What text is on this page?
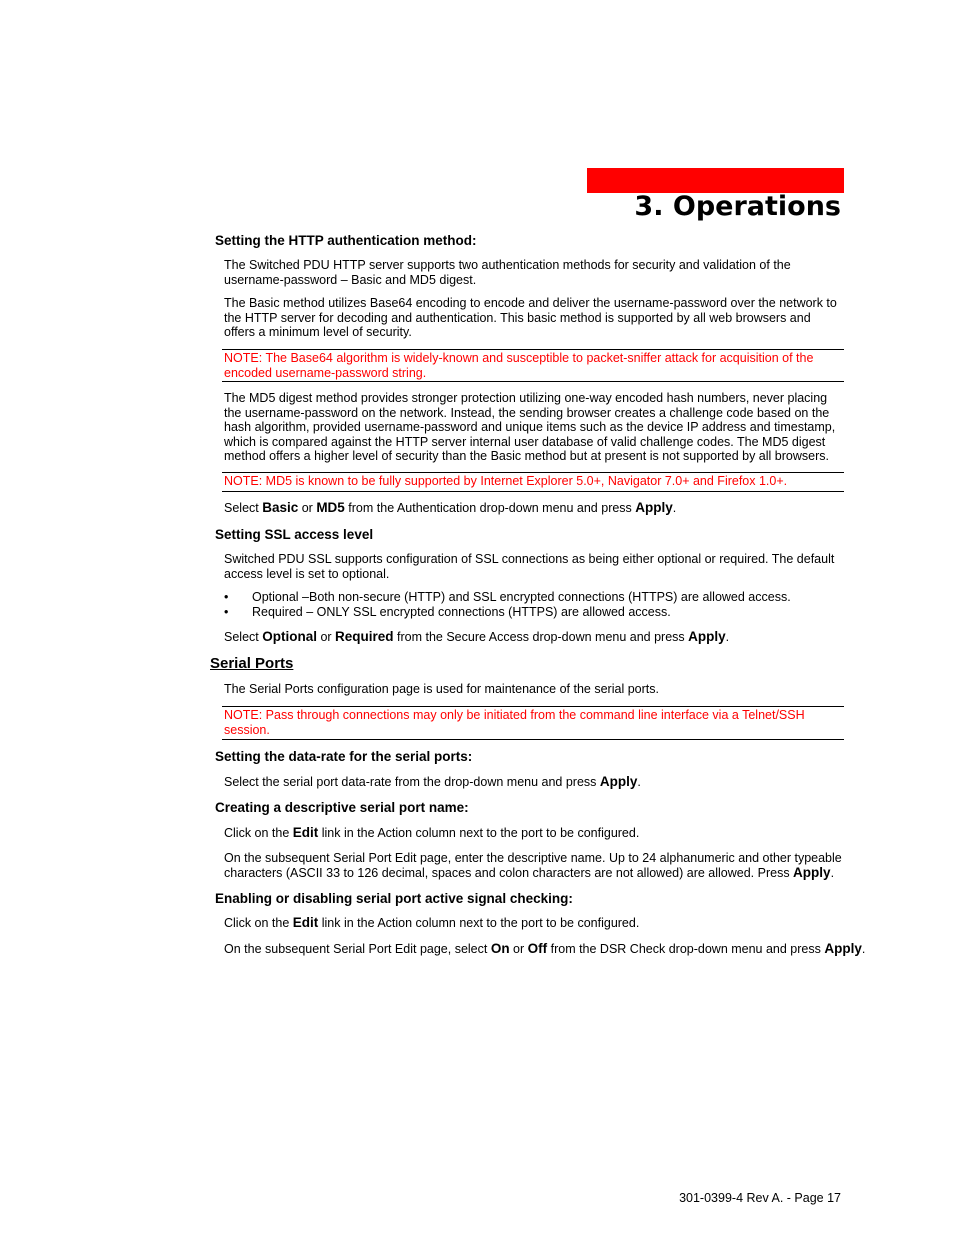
3. Operations
Setting the HTTP authentication method:
The Switched PDU HTTP server supports two authentication methods for security and validation of the username-password – Basic and MD5 digest.
The Basic method utilizes Base64 encoding to encode and deliver the username-password over the network to the HTTP server for decoding and authentication. This basic method is supported by all web browsers and offers a minimum level of security.
NOTE: The Base64 algorithm is widely-known and susceptible to packet-sniffer attack for acquisition of the encoded username-password string.
The MD5 digest method provides stronger protection utilizing one-way encoded hash numbers, never placing the username-password on the network. Instead, the sending browser creates a challenge code based on the hash algorithm, provided username-password and unique items such as the device IP address and timestamp, which is compared against the HTTP server internal user database of valid challenge codes. The MD5 digest method offers a higher level of security than the Basic method but at present is not supported by all browsers.
NOTE: MD5 is known to be fully supported by Internet Explorer 5.0+, Navigator 7.0+ and Firefox 1.0+.
Select Basic or MD5 from the Authentication drop-down menu and press Apply.
Setting SSL access level
Switched PDU SSL supports configuration of SSL connections as being either optional or required. The default access level is set to optional.
• Optional –Both non-secure (HTTP) and SSL encrypted connections (HTTPS) are allowed access.
• Required – ONLY SSL encrypted connections (HTTPS) are allowed access.
Select Optional or Required from the Secure Access drop-down menu and press Apply.
Serial Ports
The Serial Ports configuration page is used for maintenance of the serial ports.
NOTE: Pass through connections may only be initiated from the command line interface via a Telnet/SSH session.
Setting the data-rate for the serial ports:
Select the serial port data-rate from the drop-down menu and press Apply.
Creating a descriptive serial port name:
Click on the Edit link in the Action column next to the port to be configured.
On the subsequent Serial Port Edit page, enter the descriptive name. Up to 24 alphanumeric and other typeable characters (ASCII 33 to 126 decimal, spaces and colon characters are not allowed) are allowed. Press Apply.
Enabling or disabling serial port active signal checking:
Click on the Edit link in the Action column next to the port to be configured.
On the subsequent Serial Port Edit page, select On or Off from the DSR Check drop-down menu and press Apply.
301-0399-4 Rev A. - Page 17
